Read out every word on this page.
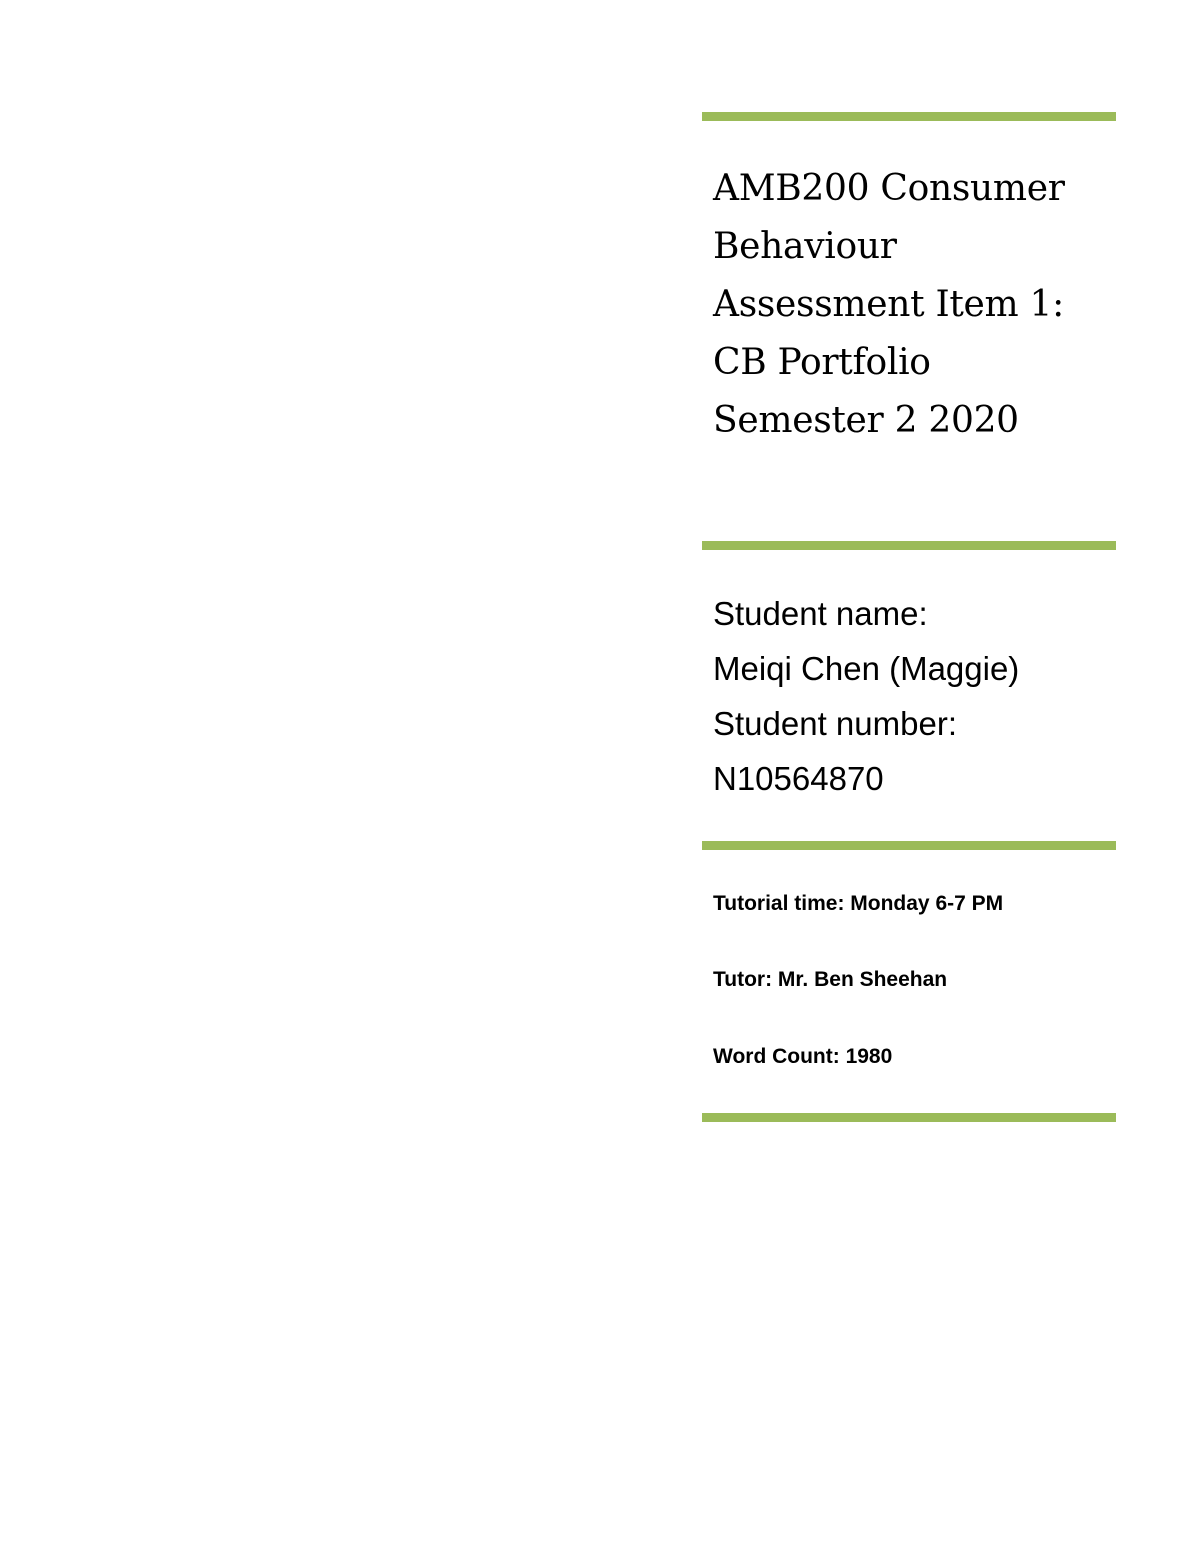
AMB200 Consumer
Behaviour
Assessment Item 1:
CB Portfolio
Semester 2 2020
Student name:
Meiqi Chen (Maggie)
Student number:
N10564870
Tutorial time: Monday 6-7 PM
Tutor: Mr. Ben Sheehan
Word Count: 1980
